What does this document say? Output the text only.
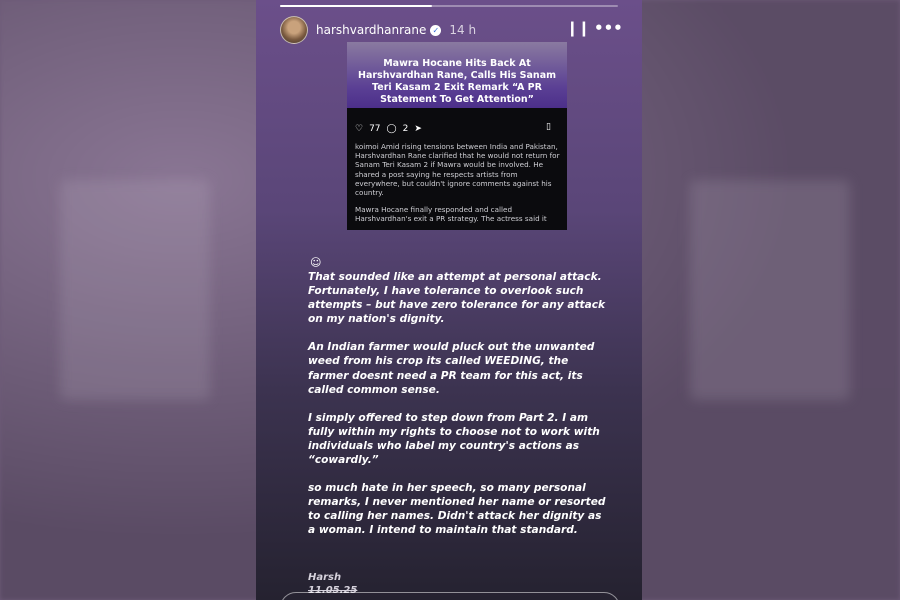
harshvardhanrane ✓ 14 h	❙❙ •••
Mawra Hocane Hits Back At Harshvardhan Rane, Calls His Sanam Teri Kasam 2 Exit Remark “A PR Statement To Get Attention”
♡ 77 ◯ 2 ➤	▯

koimoi Amid rising tensions between India and Pakistan, Harshvardhan Rane clarified that he would not return for Sanam Teri Kasam 2 if Mawra would be involved. He shared a post saying he respects artists from everywhere, but couldn't ignore comments against his country.

Mawra Hocane finally responded and called Harshvardhan's exit a PR strategy. The actress said it

☺

That sounded like an attempt at personal attack. Fortunately, I have tolerance to overlook such attempts – but have zero tolerance for any attack on my nation's dignity.

An Indian farmer would pluck out the unwanted weed from his crop its called WEEDING, the farmer doesnt need a PR team for this act, its called common sense.

I simply offered to step down from Part 2. I am fully within my rights to choose not to work with individuals who label my country's actions as “cowardly.”

so much hate in her speech, so many personal remarks, I never mentioned her name or resorted to calling her names. Didn't attack her dignity as a woman. I intend to maintain that standard.

Harsh
11.05.25
